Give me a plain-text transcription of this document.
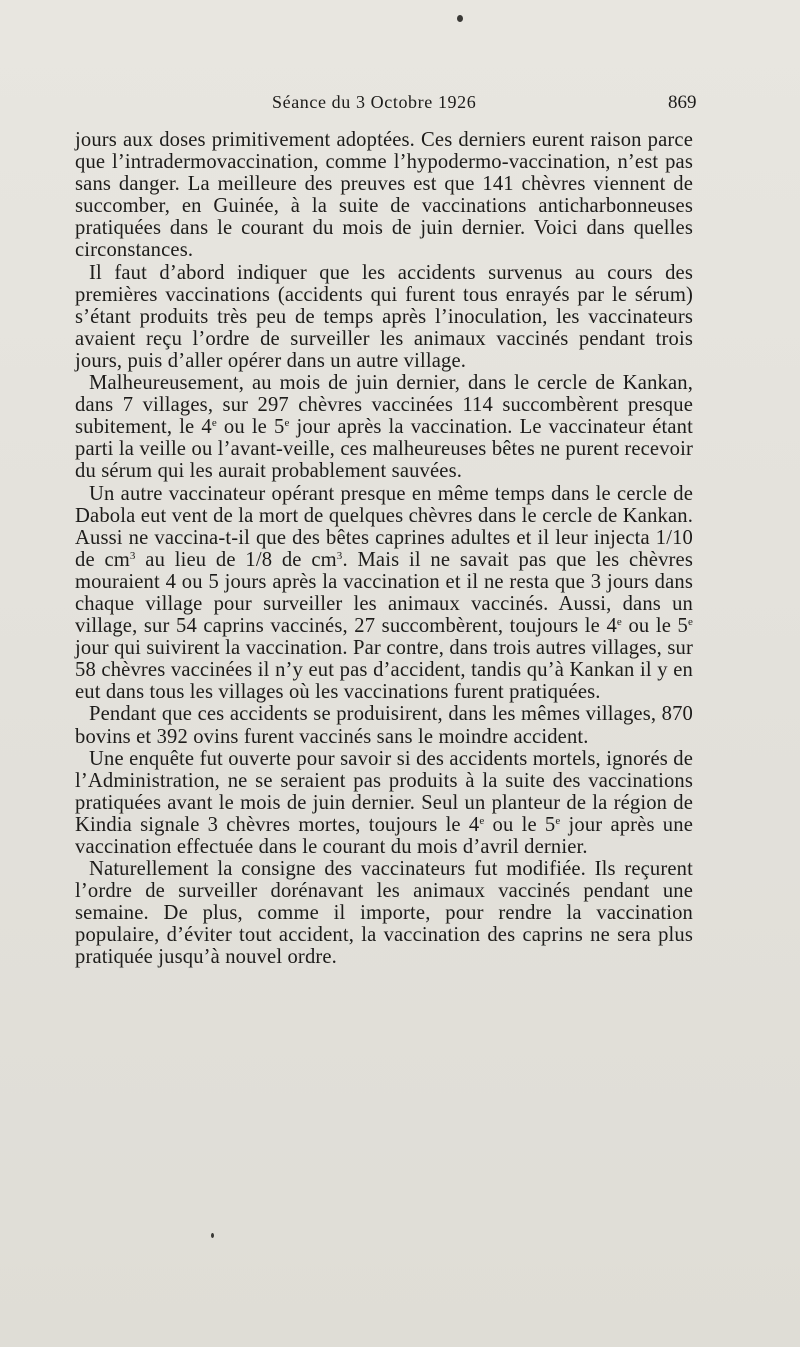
Séance du 3 Octobre 1926	869

jours aux doses primitivement adoptées. Ces derniers eurent raison parce que l’intradermovaccination, comme l’hypodermo-vaccination, n’est pas sans danger. La meilleure des preuves est que 141 chèvres viennent de succomber, en Guinée, à la suite de vaccinations anticharbonneuses pratiquées dans le courant du mois de juin dernier. Voici dans quelles circonstances.

Il faut d’abord indiquer que les accidents survenus au cours des premières vaccinations (accidents qui furent tous enrayés par le sérum) s’étant produits très peu de temps après l’inoculation, les vaccinateurs avaient reçu l’ordre de surveiller les animaux vaccinés pendant trois jours, puis d’aller opérer dans un autre village.

Malheureusement, au mois de juin dernier, dans le cercle de Kankan, dans 7 villages, sur 297 chèvres vaccinées 114 succombèrent presque subitement, le 4e ou le 5e jour après la vaccination. Le vaccinateur étant parti la veille ou l’avant-veille, ces malheureuses bêtes ne purent recevoir du sérum qui les aurait probablement sauvées.

Un autre vaccinateur opérant presque en même temps dans le cercle de Dabola eut vent de la mort de quelques chèvres dans le cercle de Kankan. Aussi ne vaccina-t-il que des bêtes caprines adultes et il leur injecta 1/10 de $cm^3$ au lieu de 1/8 de $cm^3$. Mais il ne savait pas que les chèvres mouraient 4 ou 5 jours après la vaccination et il ne resta que 3 jours dans chaque village pour surveiller les animaux vaccinés. Aussi, dans un village, sur 54 caprins vaccinés, 27 succombèrent, toujours le 4e ou le 5e jour qui suivirent la vaccination. Par contre, dans trois autres villages, sur 58 chèvres vaccinées il n’y eut pas d’accident, tandis qu’à Kankan il y en eut dans tous les villages où les vaccinations furent pratiquées.

Pendant que ces accidents se produisirent, dans les mêmes villages, 870 bovins et 392 ovins furent vaccinés sans le moindre accident.

Une enquête fut ouverte pour savoir si des accidents mortels, ignorés de l’Administration, ne se seraient pas produits à la suite des vaccinations pratiquées avant le mois de juin dernier. Seul un planteur de la région de Kindia signale 3 chèvres mortes, toujours le 4e ou le 5e jour après une vaccination effectuée dans le courant du mois d’avril dernier.

Naturellement la consigne des vaccinateurs fut modifiée. Ils reçurent l’ordre de surveiller dorénavant les animaux vaccinés pendant une semaine. De plus, comme il importe, pour rendre la vaccination populaire, d’éviter tout accident, la vaccination des caprins ne sera plus pratiquée jusqu’à nouvel ordre.
